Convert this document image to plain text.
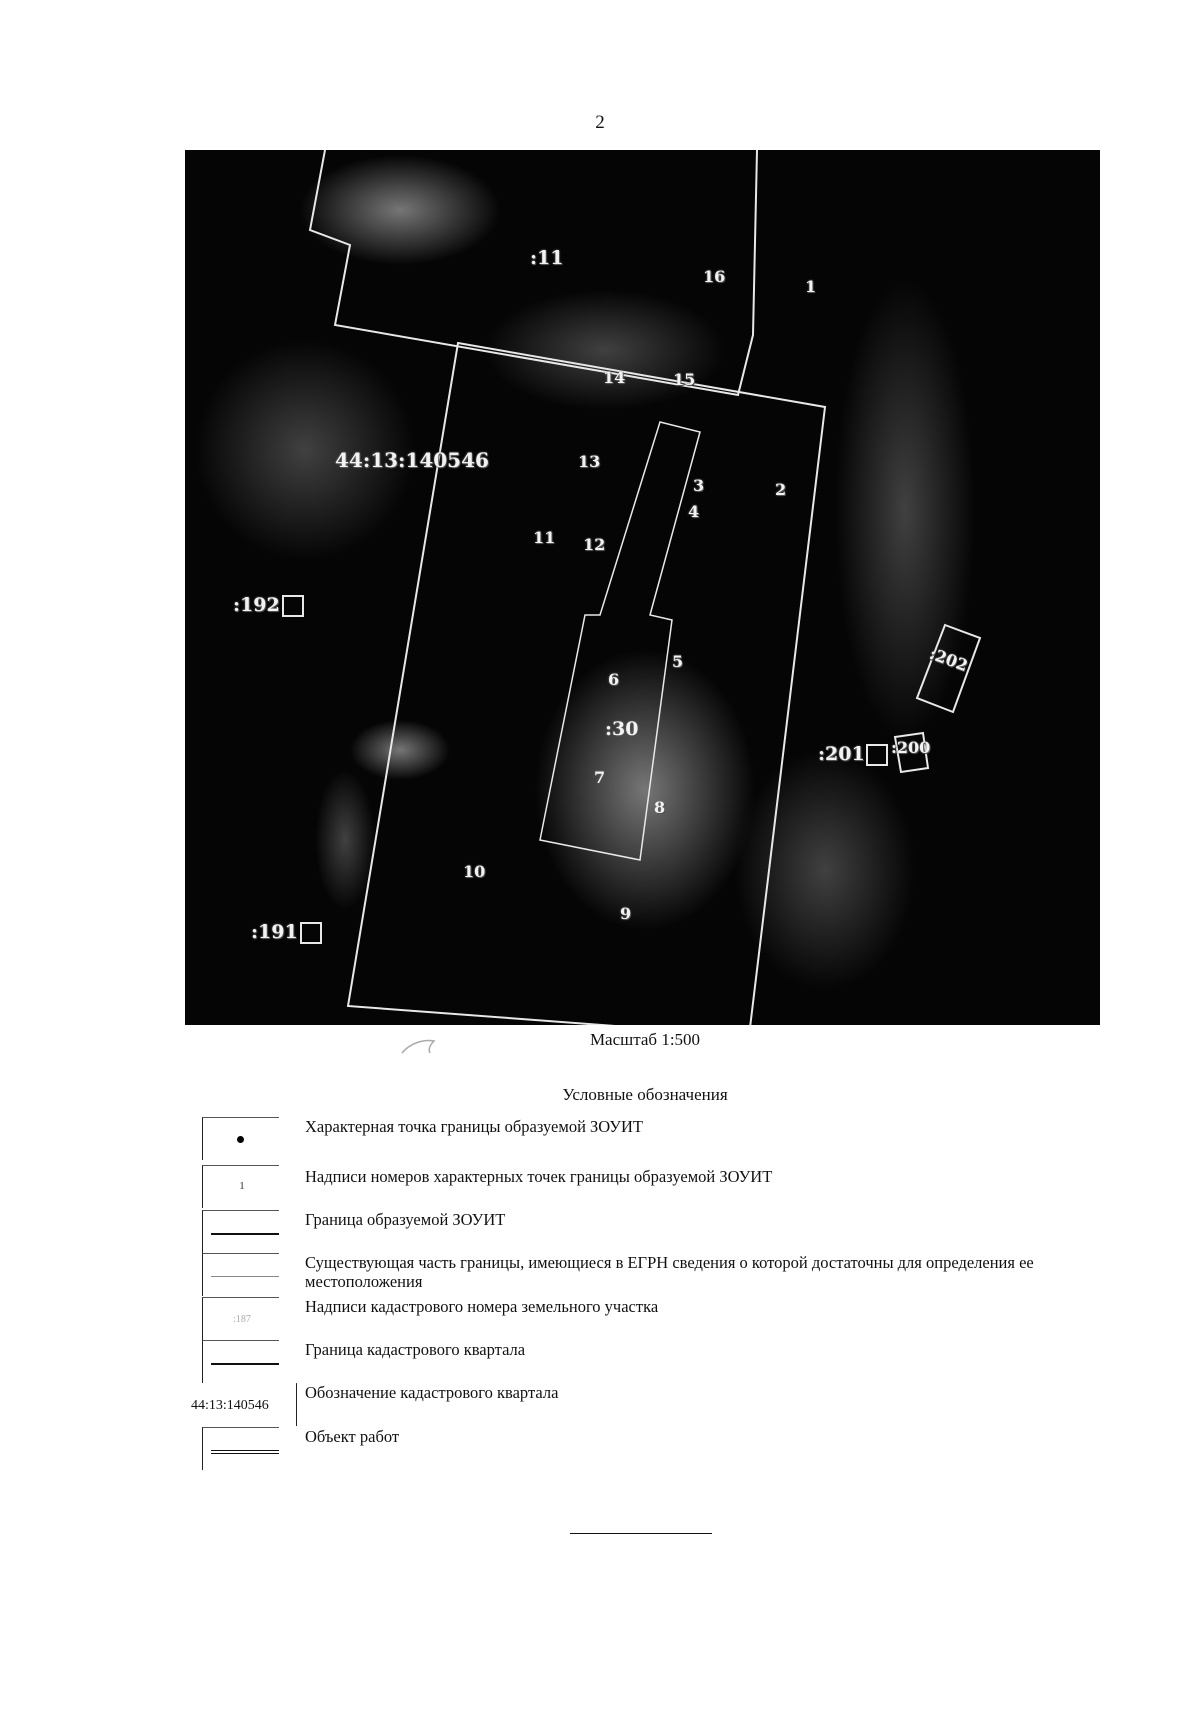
2
44:13:140546
:11
:192
:191
:30
:201 :200
:202
1
2
3
4
5
6
7
8
9
10
11 12
13
14	15
16
Масштаб 1:500
Условные обозначения
Характерная точка границы образуемой ЗОУИТ
1	Надписи номеров характерных точек границы образуемой ЗОУИТ
Граница образуемой ЗОУИТ
Существующая часть границы, имеющиеся в ЕГРН сведения о которой достаточны для определения ее местоположения
:187
Надписи кадастрового номера земельного участка
Граница кадастрового квартала
44:13:140546
Обозначение кадастрового квартала
Объект работ
